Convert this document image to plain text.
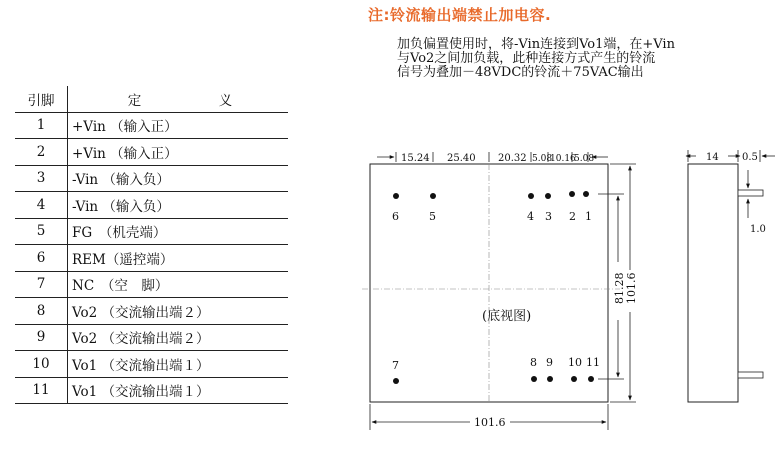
注:铃流输出端禁止加电容.
加负偏置使用时，将-Vin连接到Vo1端，在+Vin
与Vo2之间加负载，此种连接方式产生的铃流
信号为叠加－48VDC的铃流＋75VAC输出
引脚	定　义
1	+Vin （输入正）
2	+Vin （输入正）
3	-Vin （输入负）
4	-Vin （输入负）
5	FG　（机壳端）
6	REM（遥控端）
7	NC　（空　脚）
8	Vo2 （交流输出端２）
9	Vo2 （交流输出端２）
10	Vo1 （交流输出端１）
11	Vo1 （交流输出端１）
(底视图)
6	5	4 3 2 1
7	8 9 10 11
15.24 25.40 20.32 5.08
10.16
5.08
101.6
81.28 101.6
14 0.5
1.0
